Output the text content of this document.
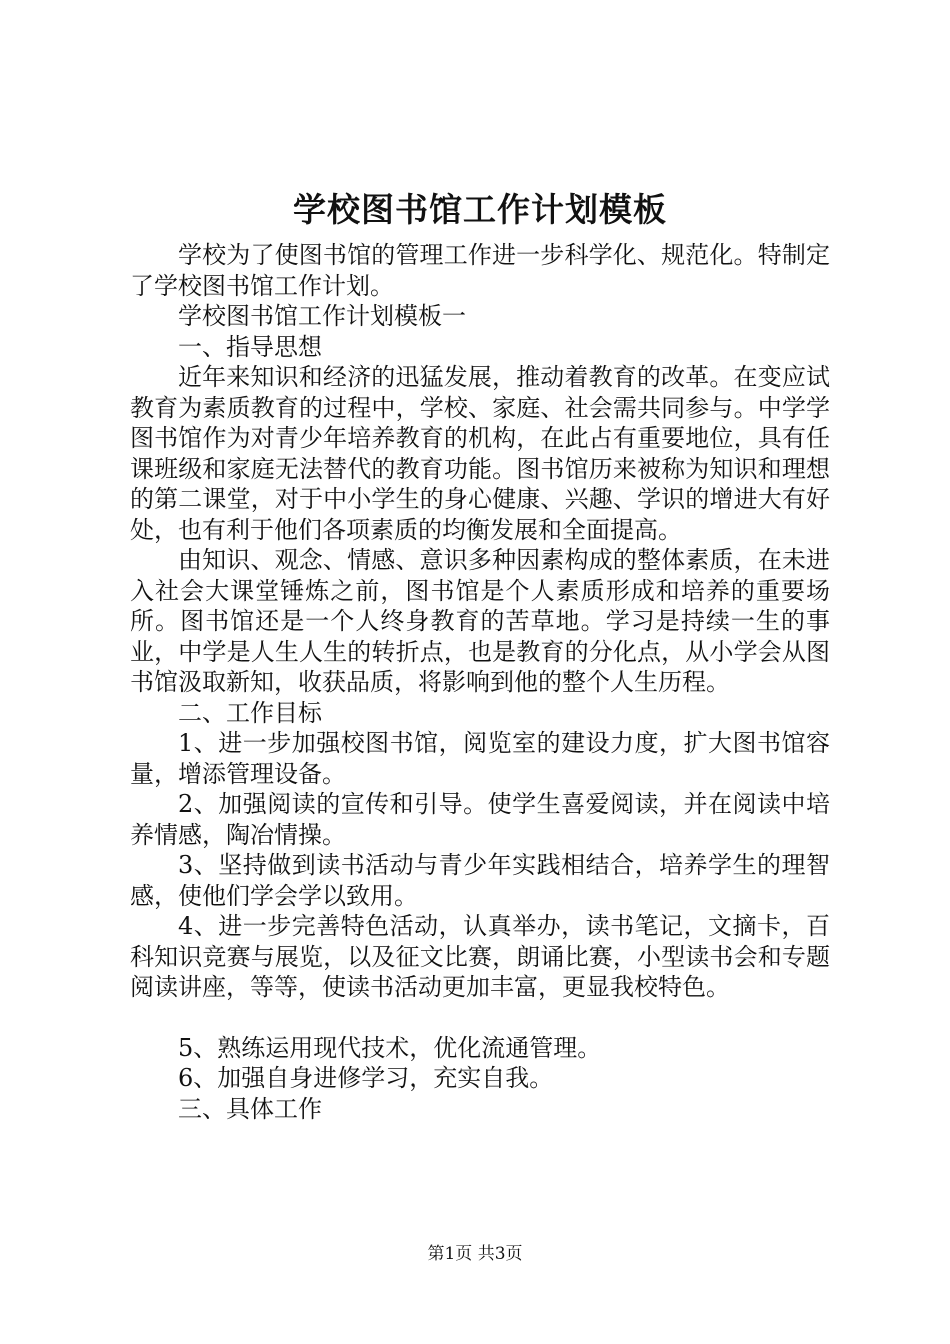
学校图书馆工作计划模板

学校为了使图书馆的管理工作进一步科学化、规范化。特制定了学校图书馆工作计划。

学校图书馆工作计划模板一

一、指导思想

近年来知识和经济的迅猛发展，推动着教育的改革。在变应试教育为素质教育的过程中，学校、家庭、社会需共同参与。中学学图书馆作为对青少年培养教育的机构，在此占有重要地位，具有任课班级和家庭无法替代的教育功能。图书馆历来被称为知识和理想的第二课堂，对于中小学生的身心健康、兴趣、学识的增进大有好处，也有利于他们各项素质的均衡发展和全面提高。

由知识、观念、情感、意识多种因素构成的整体素质，在未进入社会大课堂锤炼之前，图书馆是个人素质形成和培养的重要场所。图书馆还是一个人终身教育的苦草地。学习是持续一生的事业，中学是人生人生的转折点，也是教育的分化点，从小学会从图书馆汲取新知，收获品质，将影响到他的整个人生历程。

二、工作目标

1、进一步加强校图书馆，阅览室的建设力度，扩大图书馆容量，增添管理设备。

2、加强阅读的宣传和引导。使学生喜爱阅读，并在阅读中培养情感，陶冶情操。

3、坚持做到读书活动与青少年实践相结合，培养学生的理智感，使他们学会学以致用。

4、进一步完善特色活动，认真举办，读书笔记，文摘卡，百科知识竞赛与展览，以及征文比赛，朗诵比赛，小型读书会和专题阅读讲座，等等，使读书活动更加丰富，更显我校特色。

5、熟练运用现代技术，优化流通管理。

6、加强自身进修学习，充实自我。

三、具体工作

第1页 共3页
